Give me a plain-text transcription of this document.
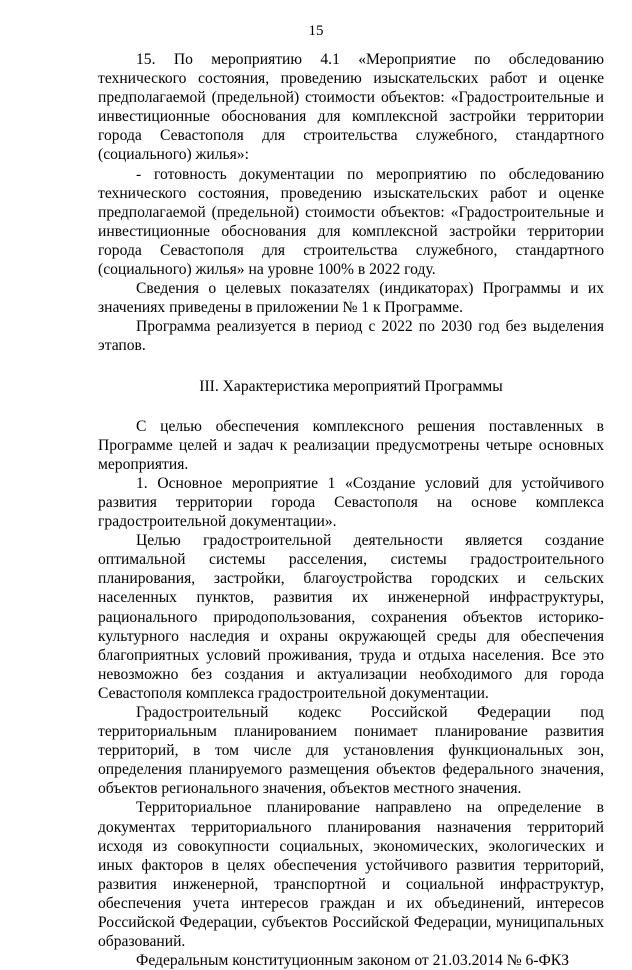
15

15. По мероприятию 4.1 «Мероприятие по обследованию технического состояния, проведению изыскательских работ и оценке предполагаемой (предельной) стоимости объектов: «Градостроительные и инвестиционные обоснования для комплексной застройки территории города Севастополя для строительства служебного, стандартного (социального) жилья»:

- готовность документации по мероприятию по обследованию технического состояния, проведению изыскательских работ и оценке предполагаемой (предельной) стоимости объектов: «Градостроительные и инвестиционные обоснования для комплексной застройки территории города Севастополя для строительства служебного, стандартного (социального) жилья» на уровне 100% в 2022 году.

Сведения о целевых показателях (индикаторах) Программы и их значениях приведены в приложении № 1 к Программе.

Программа реализуется в период с 2022 по 2030 год без выделения этапов.

III. Характеристика мероприятий Программы

С целью обеспечения комплексного решения поставленных в Программе целей и задач к реализации предусмотрены четыре основных мероприятия.

1. Основное мероприятие 1 «Создание условий для устойчивого развития территории города Севастополя на основе комплекса градостроительной документации».

Целью градостроительной деятельности является создание оптимальной системы расселения, системы градостроительного планирования, застройки, благоустройства городских и сельских населенных пунктов, развития их инженерной инфраструктуры, рационального природопользования, сохранения объектов историко-культурного наследия и охраны окружающей среды для обеспечения благоприятных условий проживания, труда и отдыха населения. Все это невозможно без создания и актуализации необходимого для города Севастополя комплекса градостроительной документации.

Градостроительный кодекс Российской Федерации под территориальным планированием понимает планирование развития территорий, в том числе для установления функциональных зон, определения планируемого размещения объектов федерального значения, объектов регионального значения, объектов местного значения.

Территориальное планирование направлено на определение в документах территориального планирования назначения территорий исходя из совокупности социальных, экономических, экологических и иных факторов в целях обеспечения устойчивого развития территорий, развития инженерной, транспортной и социальной инфраструктур, обеспечения учета интересов граждан и их объединений, интересов Российской Федерации, субъектов Российской Федерации, муниципальных образований.

Федеральным конституционным законом от 21.03.2014 № 6-ФКЗ
